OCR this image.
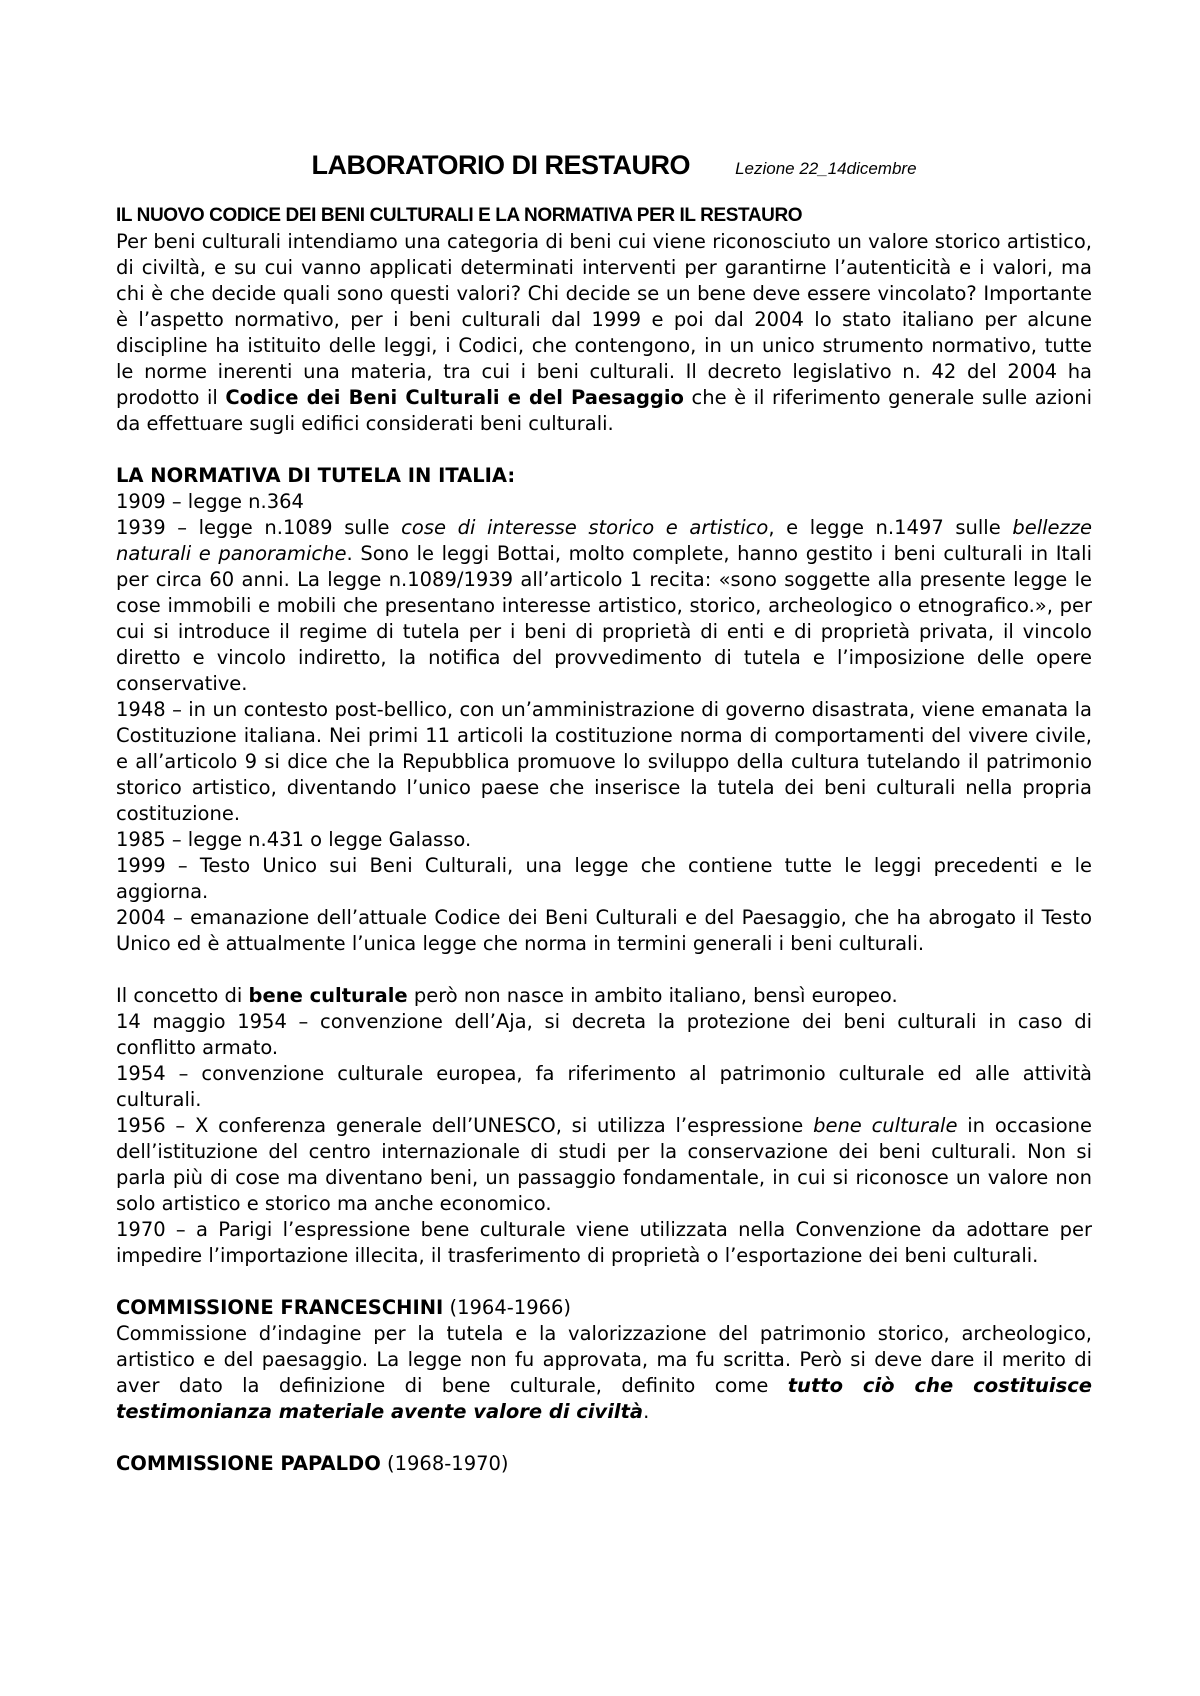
LABORATORIO DI RESTAURO	Lezione 22_14dicembre
IL NUOVO CODICE DEI BENI CULTURALI E LA NORMATIVA PER IL RESTAURO

Per beni culturali intendiamo una categoria di beni cui viene riconosciuto un valore storico artistico, di civiltà, e su cui vanno applicati determinati interventi per garantirne l’autenticità e i valori, ma chi è che decide quali sono questi valori? Chi decide se un bene deve essere vincolato? Importante è l’aspetto normativo, per i beni culturali dal 1999 e poi dal 2004 lo stato italiano per alcune discipline ha istituito delle leggi, i Codici, che contengono, in un unico strumento normativo, tutte le norme inerenti una materia, tra cui i beni culturali. Il decreto legislativo n. 42 del 2004 ha prodotto il Codice dei Beni Culturali e del Paesaggio che è il riferimento generale sulle azioni da effettuare sugli edifici considerati beni culturali.

LA NORMATIVA DI TUTELA IN ITALIA:

1909 – legge n.364

1939 – legge n.1089 sulle cose di interesse storico e artistico, e legge n.1497 sulle bellezze naturali e panoramiche. Sono le leggi Bottai, molto complete, hanno gestito i beni culturali in Itali per circa 60 anni. La legge n.1089/1939 all’articolo 1 recita: «sono soggette alla presente legge le cose immobili e mobili che presentano interesse artistico, storico, archeologico o etnografico.», per cui si introduce il regime di tutela per i beni di proprietà di enti e di proprietà privata, il vincolo diretto e vincolo indiretto, la notifica del provvedimento di tutela e l’imposizione delle opere conservative.

1948 – in un contesto post-bellico, con un’amministrazione di governo disastrata, viene emanata la Costituzione italiana. Nei primi 11 articoli la costituzione norma di comportamenti del vivere civile, e all’articolo 9 si dice che la Repubblica promuove lo sviluppo della cultura tutelando il patrimonio storico artistico, diventando l’unico paese che inserisce la tutela dei beni culturali nella propria costituzione.

1985 – legge n.431 o legge Galasso.

1999 – Testo Unico sui Beni Culturali, una legge che contiene tutte le leggi precedenti e le aggiorna.

2004 – emanazione dell’attuale Codice dei Beni Culturali e del Paesaggio, che ha abrogato il Testo Unico ed è attualmente l’unica legge che norma in termini generali i beni culturali.

Il concetto di bene culturale però non nasce in ambito italiano, bensì europeo.

14 maggio 1954 – convenzione dell’Aja, si decreta la protezione dei beni culturali in caso di conflitto armato.

1954 – convenzione culturale europea, fa riferimento al patrimonio culturale ed alle attività culturali.

1956 – X conferenza generale dell’UNESCO, si utilizza l’espressione bene culturale in occasione dell’istituzione del centro internazionale di studi per la conservazione dei beni culturali. Non si parla più di cose ma diventano beni, un passaggio fondamentale, in cui si riconosce un valore non solo artistico e storico ma anche economico.

1970 – a Parigi l’espressione bene culturale viene utilizzata nella Convenzione da adottare per impedire l’importazione illecita, il trasferimento di proprietà o l’esportazione dei beni culturali.

COMMISSIONE FRANCESCHINI (1964-1966)

Commissione d’indagine per la tutela e la valorizzazione del patrimonio storico, archeologico, artistico e del paesaggio. La legge non fu approvata, ma fu scritta. Però si deve dare il merito di aver dato la definizione di bene culturale, definito come tutto ciò che costituisce testimonianza materiale avente valore di civiltà.

COMMISSIONE PAPALDO (1968-1970)
